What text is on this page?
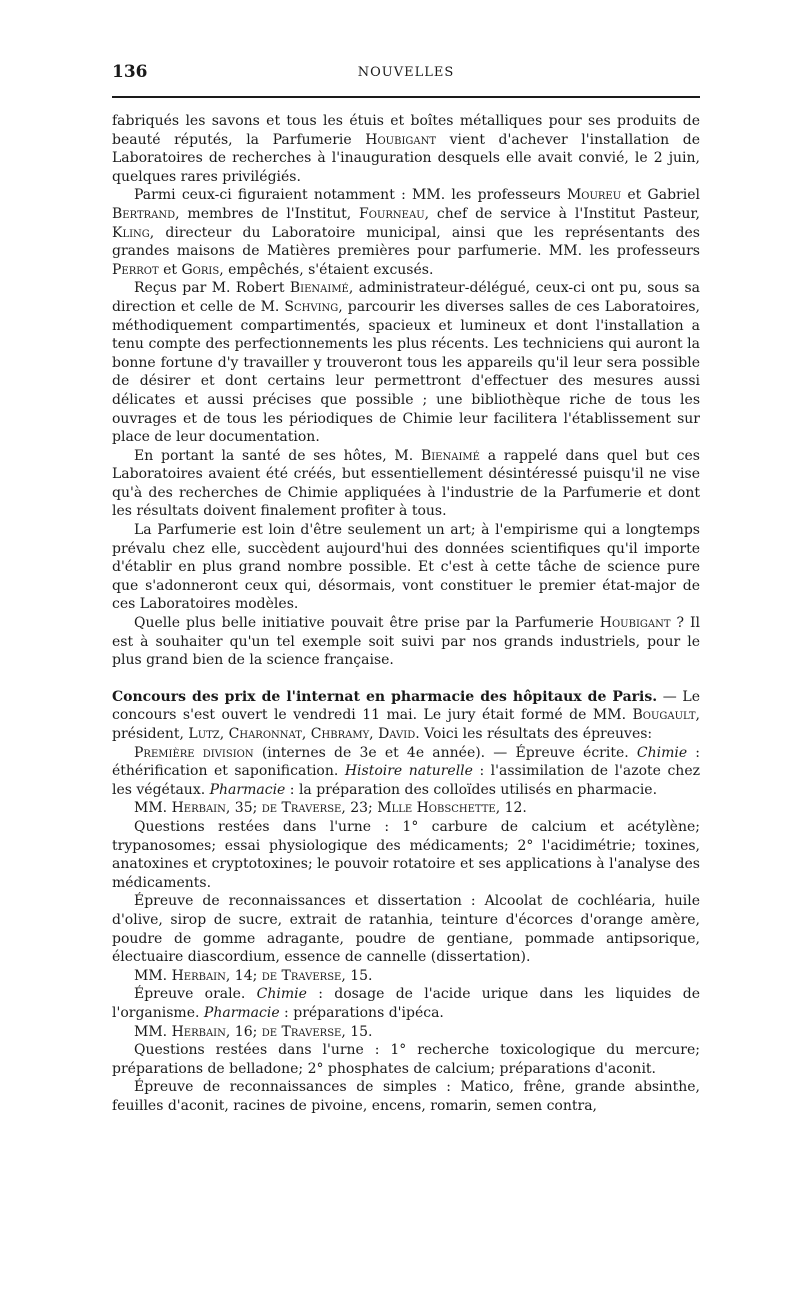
136	NOUVELLES

fabriqués les savons et tous les étuis et boîtes métalliques pour ses produits de beauté réputés, la Parfumerie Houbigant vient d'achever l'installation de Laboratoires de recherches à l'inauguration desquels elle avait convié, le 2 juin, quelques rares privilégiés.

Parmi ceux-ci figuraient notamment : MM. les professeurs Moureu et Gabriel Bertrand, membres de l'Institut, Fourneau, chef de service à l'Institut Pasteur, Kling, directeur du Laboratoire municipal, ainsi que les représentants des grandes maisons de Matières premières pour parfumerie. MM. les professeurs Perrot et Goris, empêchés, s'étaient excusés.

Reçus par M. Robert Bienaimé, administrateur-délégué, ceux-ci ont pu, sous sa direction et celle de M. Schving, parcourir les diverses salles de ces Laboratoires, méthodiquement compartimentés, spacieux et lumineux et dont l'installation a tenu compte des perfectionnements les plus récents. Les techniciens qui auront la bonne fortune d'y travailler y trouveront tous les appareils qu'il leur sera possible de désirer et dont certains leur permettront d'effectuer des mesures aussi délicates et aussi précises que possible ; une bibliothèque riche de tous les ouvrages et de tous les périodiques de Chimie leur facilitera l'établissement sur place de leur documentation.

En portant la santé de ses hôtes, M. Bienaimé a rappelé dans quel but ces Laboratoires avaient été créés, but essentiellement désintéressé puisqu'il ne vise qu'à des recherches de Chimie appliquées à l'industrie de la Parfumerie et dont les résultats doivent finalement profiter à tous.

La Parfumerie est loin d'être seulement un art; à l'empirisme qui a longtemps prévalu chez elle, succèdent aujourd'hui des données scientifiques qu'il importe d'établir en plus grand nombre possible. Et c'est à cette tâche de science pure que s'adonneront ceux qui, désormais, vont constituer le premier état-major de ces Laboratoires modèles.

Quelle plus belle initiative pouvait être prise par la Parfumerie Houbigant ? Il est à souhaiter qu'un tel exemple soit suivi par nos grands industriels, pour le plus grand bien de la science française.

Concours des prix de l'internat en pharmacie des hôpitaux de Paris. — Le concours s'est ouvert le vendredi 11 mai. Le jury était formé de MM. Bougault, président, Lutz, Charonnat, Chbramy, David. Voici les résultats des épreuves:

Première division (internes de 3e et 4e année). — Épreuve écrite. Chimie : éthérification et saponification. Histoire naturelle : l'assimilation de l'azote chez les végétaux. Pharmacie : la préparation des colloïdes utilisés en pharmacie.

MM. Herbain, 35; de Traverse, 23; Mlle Hobschette, 12.

Questions restées dans l'urne : 1° carbure de calcium et acétylène; trypanosomes; essai physiologique des médicaments; 2° l'acidimétrie; toxines, anatoxines et cryptotoxines; le pouvoir rotatoire et ses applications à l'analyse des médicaments.

Épreuve de reconnaissances et dissertation : Alcoolat de cochléaria, huile d'olive, sirop de sucre, extrait de ratanhia, teinture d'écorces d'orange amère, poudre de gomme adragante, poudre de gentiane, pommade antipsorique, électuaire diascordium, essence de cannelle (dissertation).

MM. Herbain, 14; de Traverse, 15.

Épreuve orale. Chimie : dosage de l'acide urique dans les liquides de l'organisme. Pharmacie : préparations d'ipéca.

MM. Herbain, 16; de Traverse, 15.

Questions restées dans l'urne : 1° recherche toxicologique du mercure; préparations de belladone; 2° phosphates de calcium; préparations d'aconit.

Épreuve de reconnaissances de simples : Matico, frêne, grande absinthe, feuilles d'aconit, racines de pivoine, encens, romarin, semen contra,
